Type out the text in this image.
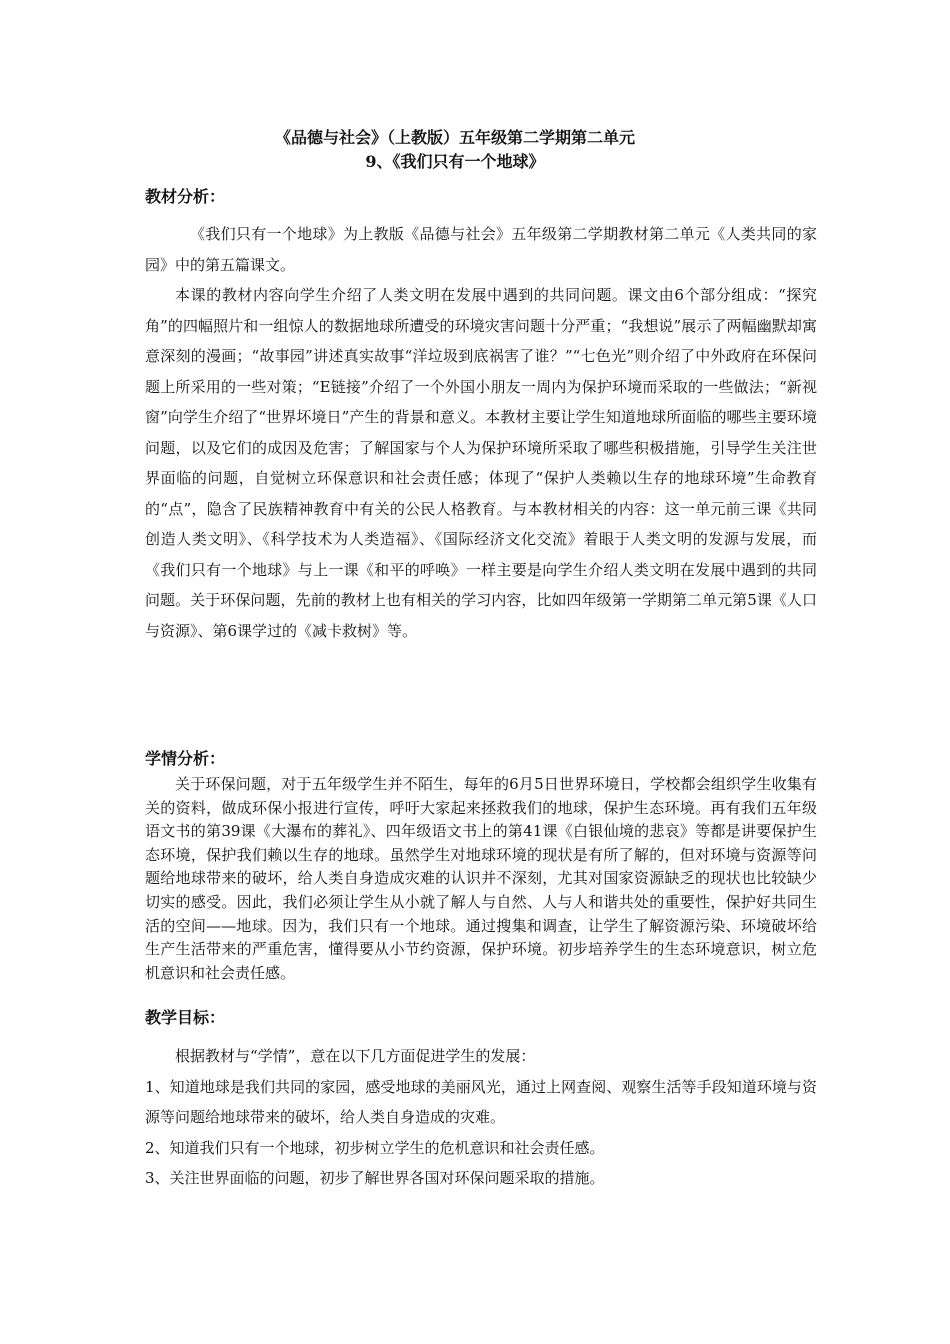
《品德与社会》（上教版）五年级第二学期第二单元
9、《我们只有一个地球》
教材分析：

《我们只有一个地球》为上教版《品德与社会》五年级第二学期教材第二单元《人类共同的家园》中的第五篇课文。

本课的教材内容向学生介绍了人类文明在发展中遇到的共同问题。课文由6个部分组成：“探究角”的四幅照片和一组惊人的数据地球所遭受的环境灾害问题十分严重；“我想说”展示了两幅幽默却寓意深刻的漫画；“故事园”讲述真实故事“洋垃圾到底祸害了谁？”“七色光”则介绍了中外政府在环保问题上所采用的一些对策；“E链接”介绍了一个外国小朋友一周内为保护环境而采取的一些做法；“新视窗”向学生介绍了“世界坏境日”产生的背景和意义。本教材主要让学生知道地球所面临的哪些主要环境问题，以及它们的成因及危害；了解国家与个人为保护环境所采取了哪些积极措施，引导学生关注世界面临的问题，自觉树立环保意识和社会责任感；体现了“保护人类赖以生存的地球环境”生命教育的“点”，隐含了民族精神教育中有关的公民人格教育。与本教材相关的内容：这一单元前三课《共同创造人类文明》、《科学技术为人类造福》、《国际经济文化交流》着眼于人类文明的发源与发展，而《我们只有一个地球》与上一课《和平的呼唤》一样主要是向学生介绍人类文明在发展中遇到的共同问题。关于环保问题，先前的教材上也有相关的学习内容，比如四年级第一学期第二单元第5课《人口与资源》、第6课学过的《减卡救树》等。

学情分析：

关于环保问题，对于五年级学生并不陌生，每年的6月5日世界环境日，学校都会组织学生收集有关的资料，做成环保小报进行宣传，呼吁大家起来拯救我们的地球，保护生态环境。再有我们五年级语文书的第39课《大瀑布的葬礼》、四年级语文书上的第41课《白银仙境的悲哀》等都是讲要保护生态环境，保护我们赖以生存的地球。虽然学生对地球环境的现状是有所了解的，但对环境与资源等问题给地球带来的破坏，给人类自身造成灾难的认识并不深刻，尤其对国家资源缺乏的现状也比较缺少切实的感受。因此，我们必须让学生从小就了解人与自然、人与人和谐共处的重要性，保护好共同生活的空间——地球。因为，我们只有一个地球。通过搜集和调查，让学生了解资源污染、环境破坏给生产生活带来的严重危害，懂得要从小节约资源，保护环境。初步培养学生的生态环境意识，树立危机意识和社会责任感。

教学目标：

根据教材与“学情”，意在以下几方面促进学生的发展：

1、知道地球是我们共同的家园，感受地球的美丽风光，通过上网查阅、观察生活等手段知道环境与资源等问题给地球带来的破坏，给人类自身造成的灾难。

2、知道我们只有一个地球，初步树立学生的危机意识和社会责任感。

3、关注世界面临的问题，初步了解世界各国对环保问题采取的措施。
